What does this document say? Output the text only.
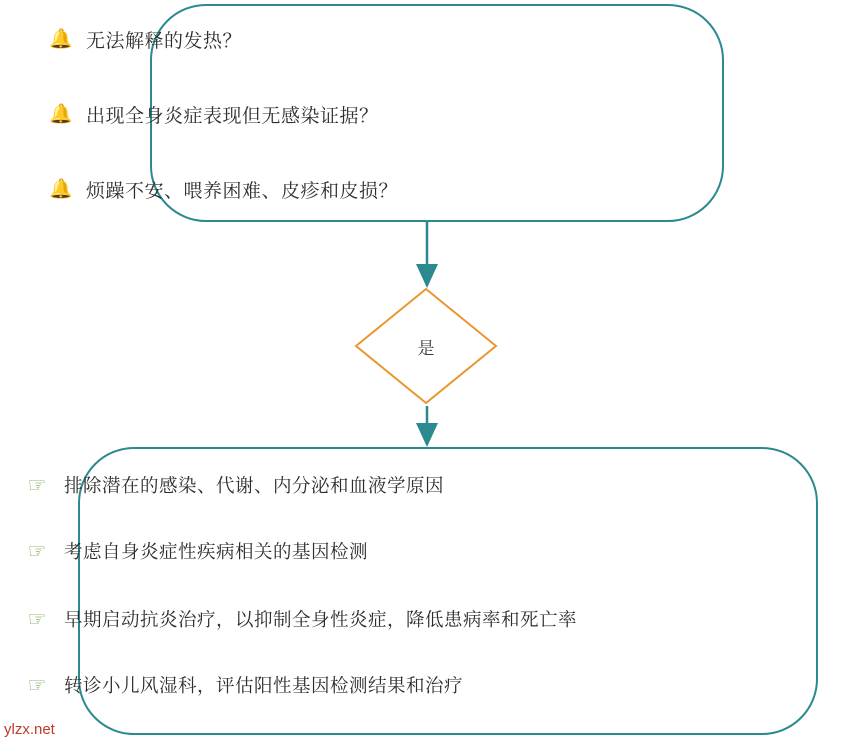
🔔 无法解释的发热？
🔔 出现全身炎症表现但无感染证据？
🔔 烦躁不安、喂养困难、皮疹和皮损？
是
☞ 排除潜在的感染、代谢、内分泌和血液学原因
☞ 考虑自身炎症性疾病相关的基因检测
☞ 早期启动抗炎治疗，以抑制全身性炎症，降低患病率和死亡率
☞ 转诊小儿风湿科，评估阳性基因检测结果和治疗
ylzx.net
